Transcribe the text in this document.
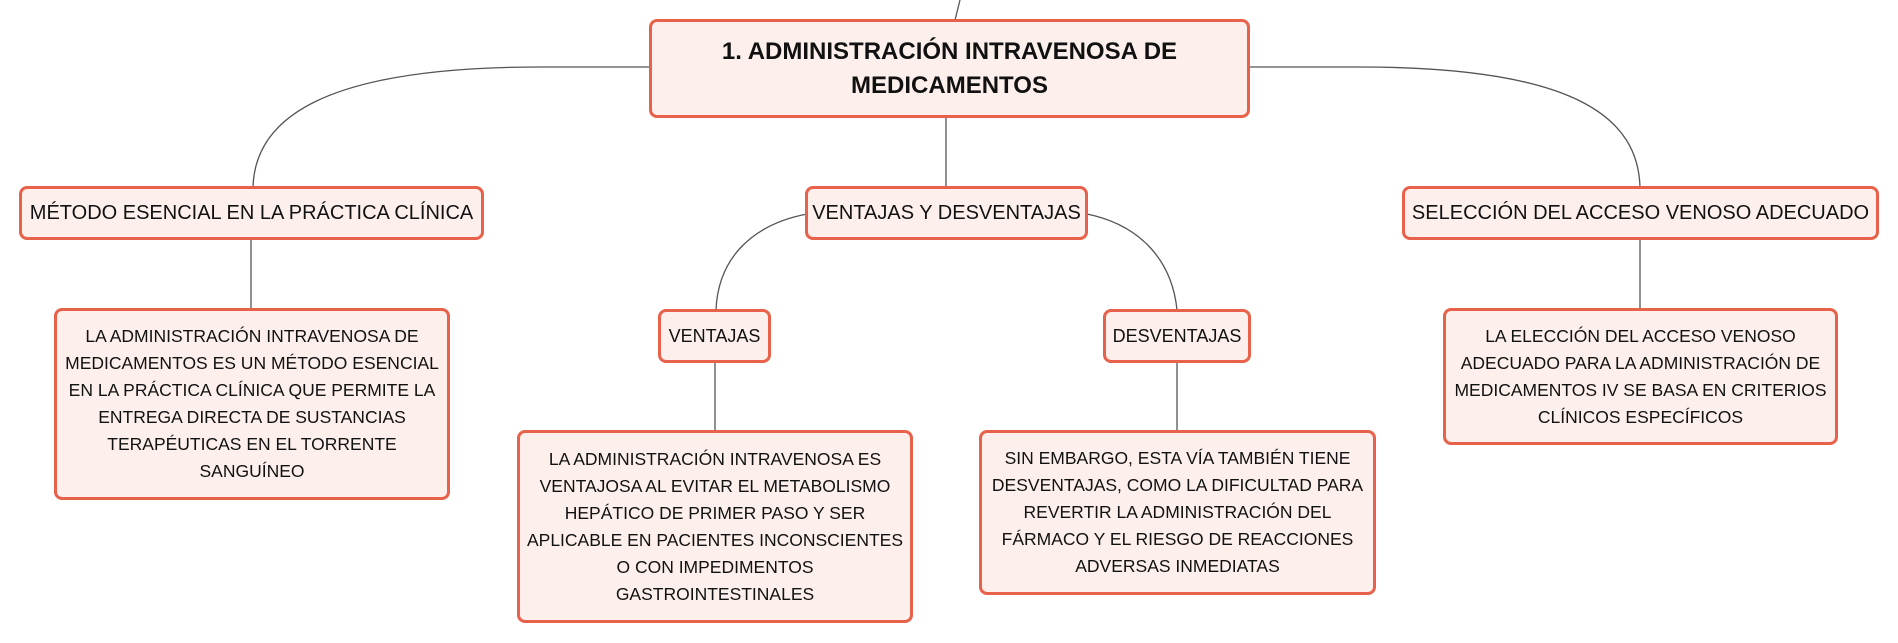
1. ADMINISTRACIÓN INTRAVENOSA DE MEDICAMENTOS
MÉTODO ESENCIAL EN LA PRÁCTICA CLÍNICA	VENTAJAS Y DESVENTAJAS	SELECCIÓN DEL ACCESO VENOSO ADECUADO
VENTAJAS	DESVENTAJAS
LA ADMINISTRACIÓN INTRAVENOSA DE MEDICAMENTOS ES UN MÉTODO ESENCIAL EN LA PRÁCTICA CLÍNICA QUE PERMITE LA ENTREGA DIRECTA DE SUSTANCIAS TERAPÉUTICAS EN EL TORRENTE SANGUÍNEO
LA ADMINISTRACIÓN INTRAVENOSA ES VENTAJOSA AL EVITAR EL METABOLISMO HEPÁTICO DE PRIMER PASO Y SER APLICABLE EN PACIENTES INCONSCIENTES O CON IMPEDIMENTOS GASTROINTESTINALES
SIN EMBARGO, ESTA VÍA TAMBIÉN TIENE DESVENTAJAS, COMO LA DIFICULTAD PARA REVERTIR LA ADMINISTRACIÓN DEL FÁRMACO Y EL RIESGO DE REACCIONES ADVERSAS INMEDIATAS
LA ELECCIÓN DEL ACCESO VENOSO ADECUADO PARA LA ADMINISTRACIÓN DE MEDICAMENTOS IV SE BASA EN CRITERIOS CLÍNICOS ESPECÍFICOS
